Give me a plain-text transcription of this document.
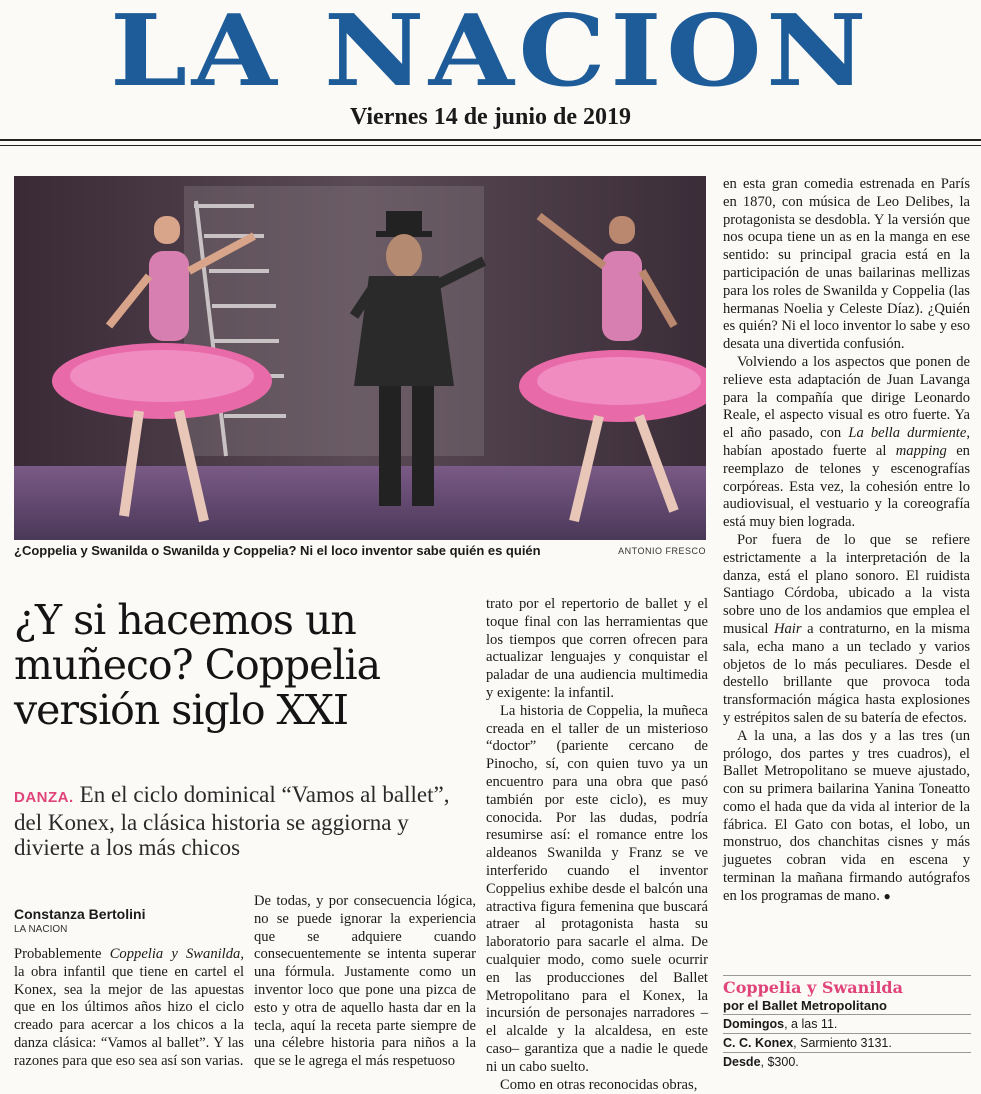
LA NACION
Viernes 14 de junio de 2019
¿Coppelia y Swanilda o Swanilda y Coppelia? Ni el loco inventor sabe quién es quién	ANTONIO FRESCO
¿Y si hacemos un muñeco? Coppelia versión siglo XXI
DANZA. En el ciclo dominical “Vamos al ballet”, del Konex, la clásica historia se aggiorna y divierte a los más chicos
Constanza Bertolini
LA NACION

Probablemente Coppelia y Swanilda, la obra infantil que tiene en cartel el Konex, sea la mejor de las apuestas que en los últimos años hizo el ciclo creado para acercar a los chicos a la danza clásica: “Vamos al ballet”. Y las razones para que eso sea así son varias.

De todas, y por consecuencia lógica, no se puede ignorar la experiencia que se adquiere cuando consecuentemente se intenta superar una fórmula. Justamente como un inventor loco que pone una pizca de esto y otra de aquello hasta dar en la tecla, aquí la receta parte siempre de una célebre historia para niños a la que se le agrega el más respetuoso

trato por el repertorio de ballet y el toque final con las herramientas que los tiempos que corren ofrecen para actualizar lenguajes y conquistar el paladar de una audiencia multimedia y exigente: la infantil.

La historia de Coppelia, la muñeca creada en el taller de un misterioso “doctor” (pariente cercano de Pinocho, sí, con quien tuvo ya un encuentro para una obra que pasó también por este ciclo), es muy conocida. Por las dudas, podría resumirse así: el romance entre los aldeanos Swanilda y Franz se ve interferido cuando el inventor Coppelius exhibe desde el balcón una atractiva figura femenina que buscará atraer al protagonista hasta su laboratorio para sacarle el alma. De cualquier modo, como suele ocurrir en las producciones del Ballet Metropolitano para el Konex, la incursión de personajes narradores –el alcalde y la alcaldesa, en este caso– garantiza que a nadie le quede ni un cabo suelto.

Como en otras reconocidas obras,

en esta gran comedia estrenada en París en 1870, con música de Leo Delibes, la protagonista se desdobla. Y la versión que nos ocupa tiene un as en la manga en ese sentido: su principal gracia está en la participación de unas bailarinas mellizas para los roles de Swanilda y Coppelia (las hermanas Noelia y Celeste Díaz). ¿Quién es quién? Ni el loco inventor lo sabe y eso desata una divertida confusión.

Volviendo a los aspectos que ponen de relieve esta adaptación de Juan Lavanga para la compañía que dirige Leonardo Reale, el aspecto visual es otro fuerte. Ya el año pasado, con La bella durmiente, habían apostado fuerte al mapping en reemplazo de telones y escenografías corpóreas. Esta vez, la cohesión entre lo audiovisual, el vestuario y la coreografía está muy bien lograda.

Por fuera de lo que se refiere estrictamente a la interpretación de la danza, está el plano sonoro. El ruidista Santiago Córdoba, ubicado a la vista sobre uno de los andamios que emplea el musical Hair a contraturno, en la misma sala, echa mano a un teclado y varios objetos de lo más peculiares. Desde el destello brillante que provoca toda transformación mágica hasta explosiones y estrépitos salen de su batería de efectos.

A la una, a las dos y a las tres (un prólogo, dos partes y tres cuadros), el Ballet Metropolitano se mueve ajustado, con su primera bailarina Yanina Toneatto como el hada que da vida al interior de la fábrica. El Gato con botas, el lobo, un monstruo, dos chanchitas cisnes y más juguetes cobran vida en escena y terminan la mañana firmando autógrafos en los programas de mano. ●

Coppelia y Swanilda
por el Ballet Metropolitano
Domingos, a las 11.
C. C. Konex, Sarmiento 3131.
Desde, $300.
